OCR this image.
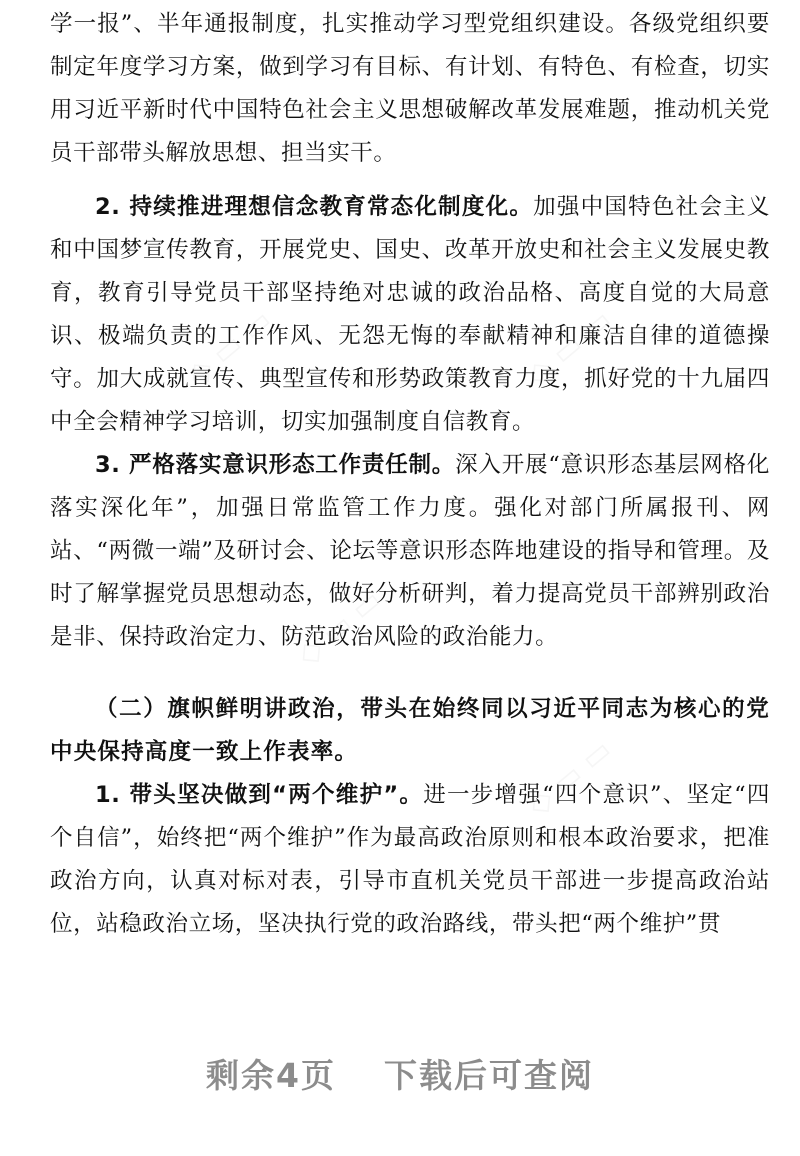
学一报”、半年通报制度，扎实推动学习型党组织建设。各级党组织要制定年度学习方案，做到学习有目标、有计划、有特色、有检查，切实用习近平新时代中国特色社会主义思想破解改革发展难题，推动机关党员干部带头解放思想、担当实干。

2. 持续推进理想信念教育常态化制度化。加强中国特色社会主义和中国梦宣传教育，开展党史、国史、改革开放史和社会主义发展史教育，教育引导党员干部坚持绝对忠诚的政治品格、高度自觉的大局意识、极端负责的工作作风、无怨无悔的奉献精神和廉洁自律的道德操守。加大成就宣传、典型宣传和形势政策教育力度，抓好党的十九届四中全会精神学习培训，切实加强制度自信教育。

3. 严格落实意识形态工作责任制。深入开展“意识形态基层网格化落实深化年”，加强日常监管工作力度。强化对部门所属报刊、网站、“两微一端”及研讨会、论坛等意识形态阵地建设的指导和管理。及时了解掌握党员思想动态，做好分析研判，着力提高党员干部辨别政治是非、保持政治定力、防范政治风险的政治能力。

（二）旗帜鲜明讲政治，带头在始终同以习近平同志为核心的党中央保持高度一致上作表率。

1. 带头坚决做到“两个维护”。进一步增强“四个意识”、坚定“四个自信”，始终把“两个维护”作为最高政治原则和根本政治要求，把准政治方向，认真对标对表，引导市直机关党员干部进一步提高政治站位，站稳政治立场，坚决执行党的政治路线，带头把“两个维护”贯

剩余4页 下载后可查阅
◇ ▭ ▭	◇ ▭ ▭
◇ ▭ ▭
◇ ▭ ▭
